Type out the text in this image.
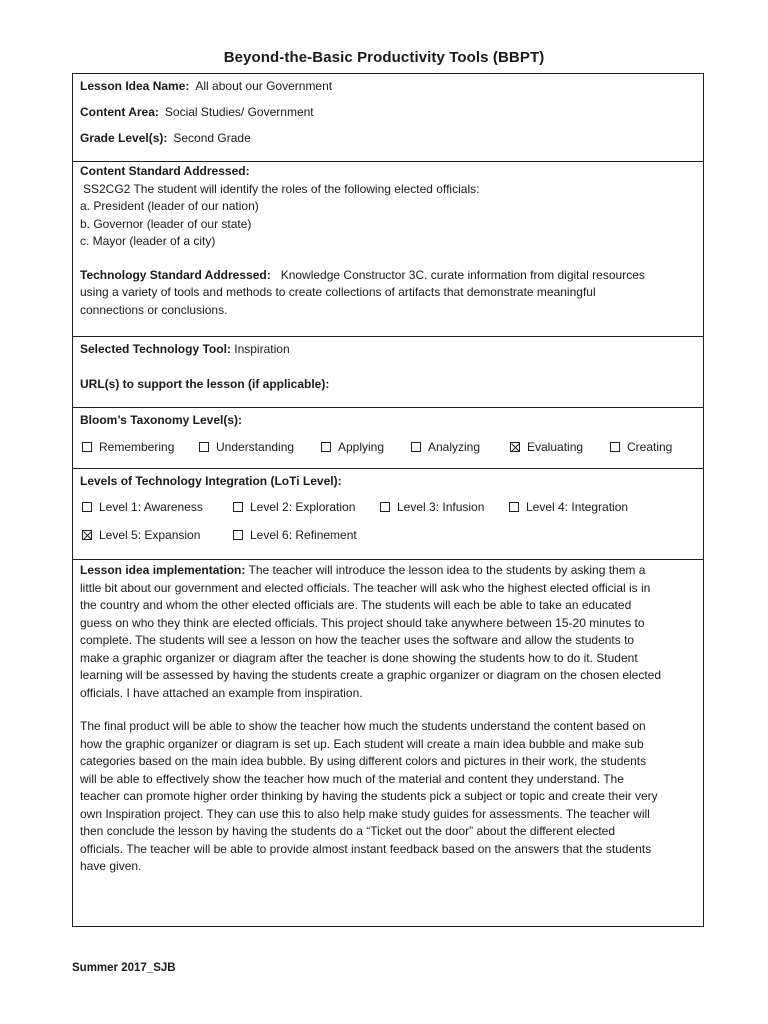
Beyond-the-Basic Productivity Tools (BBPT)
Lesson Idea Name: All about our Government
Content Area: Social Studies/ Government
Grade Level(s): Second Grade
Content Standard Addressed:
SS2CG2 The student will identify the roles of the following elected officials:
a. President (leader of our nation)
b. Governor (leader of our state)
c. Mayor (leader of a city)
Technology Standard Addressed: Knowledge Constructor 3C. curate information from digital resources
using a variety of tools and methods to create collections of artifacts that demonstrate meaningful
connections or conclusions.
Selected Technology Tool: Inspiration
URL(s) to support the lesson (if applicable):
Bloom’s Taxonomy Level(s):
Remembering	Understanding	Applying	Analyzing	Evaluating	Creating
Levels of Technology Integration (LoTi Level):
Level 1: Awareness	Level 2: Exploration	Level 3: Infusion	Level 4: Integration
Level 5: Expansion	Level 6: Refinement
Lesson idea implementation: The teacher will introduce the lesson idea to the students by asking them a
little bit about our government and elected officials. The teacher will ask who the highest elected official is in
the country and whom the other elected officials are. The students will each be able to take an educated
guess on who they think are elected officials. This project should take anywhere between 15-20 minutes to
complete. The students will see a lesson on how the teacher uses the software and allow the students to
make a graphic organizer or diagram after the teacher is done showing the students how to do it. Student
learning will be assessed by having the students create a graphic organizer or diagram on the chosen elected
officials. I have attached an example from inspiration.
The final product will be able to show the teacher how much the students understand the content based on
how the graphic organizer or diagram is set up. Each student will create a main idea bubble and make sub
categories based on the main idea bubble. By using different colors and pictures in their work, the students
will be able to effectively show the teacher how much of the material and content they understand. The
teacher can promote higher order thinking by having the students pick a subject or topic and create their very
own Inspiration project. They can use this to also help make study guides for assessments. The teacher will
then conclude the lesson by having the students do a “Ticket out the door” about the different elected
officials. The teacher will be able to provide almost instant feedback based on the answers that the students
have given.
Summer 2017_SJB
